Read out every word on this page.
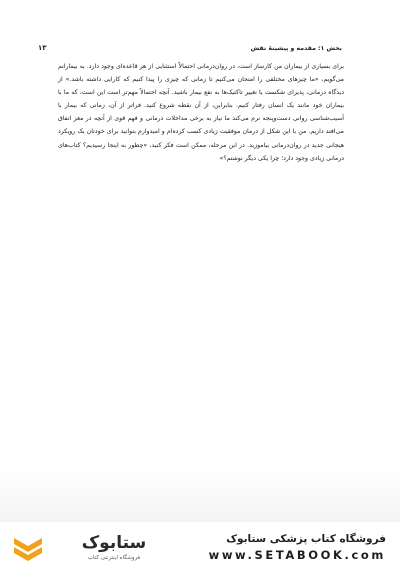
بخش ۱: مقدمه و پیشینهٔ نقش
۱۳

برای بسیاری از بیماران من کارساز است، در روان‌درمانی احتمالاً استثنایی از هر قاعده‌ای وجود دارد. به بیمارانم می‌گویم، «ما چیزهای مختلفی را امتحان می‌کنیم تا زمانی که چیزی را پیدا کنیم که کارایی داشته باشد.» از دیدگاه درمانی، پذیرای شکست یا تغییر تاکتیک‌ها به نفع بیمار باشید. آنچه احتمالاً مهم‌تر است این است، که ما با بیماران خود مانند یک انسان رفتار کنیم. بنابراین، از آن نقطه شروع کنید. فراتر از آن، زمانی که بیمار با آسیب‌شناسی روانی دست‌وپنجه نرم می‌کند ما نیاز به برخی مداخلات درمانی و فهم قوی از آنچه در مغز اتفاق می‌افتد داریم. من با این شکل از درمان موفقیت زیادی کسب کرده‌ام و امیدوارم بتوانید برای خودتان یک رویکرد هیجانی جدید در روان‌درمانی بیاموزید. در این مرحله، ممکن است فکر کنید، «چطور به اینجا رسیدیم؟ کتاب‌های درمانی زیادی وجود دارد؛ چرا یکی دیگر نوشتم؟»

ستابوک
فروشگاه اینترنتی کتاب
فروشگاه کتاب پزشکی ستابوک
www.SETABOOK.com
